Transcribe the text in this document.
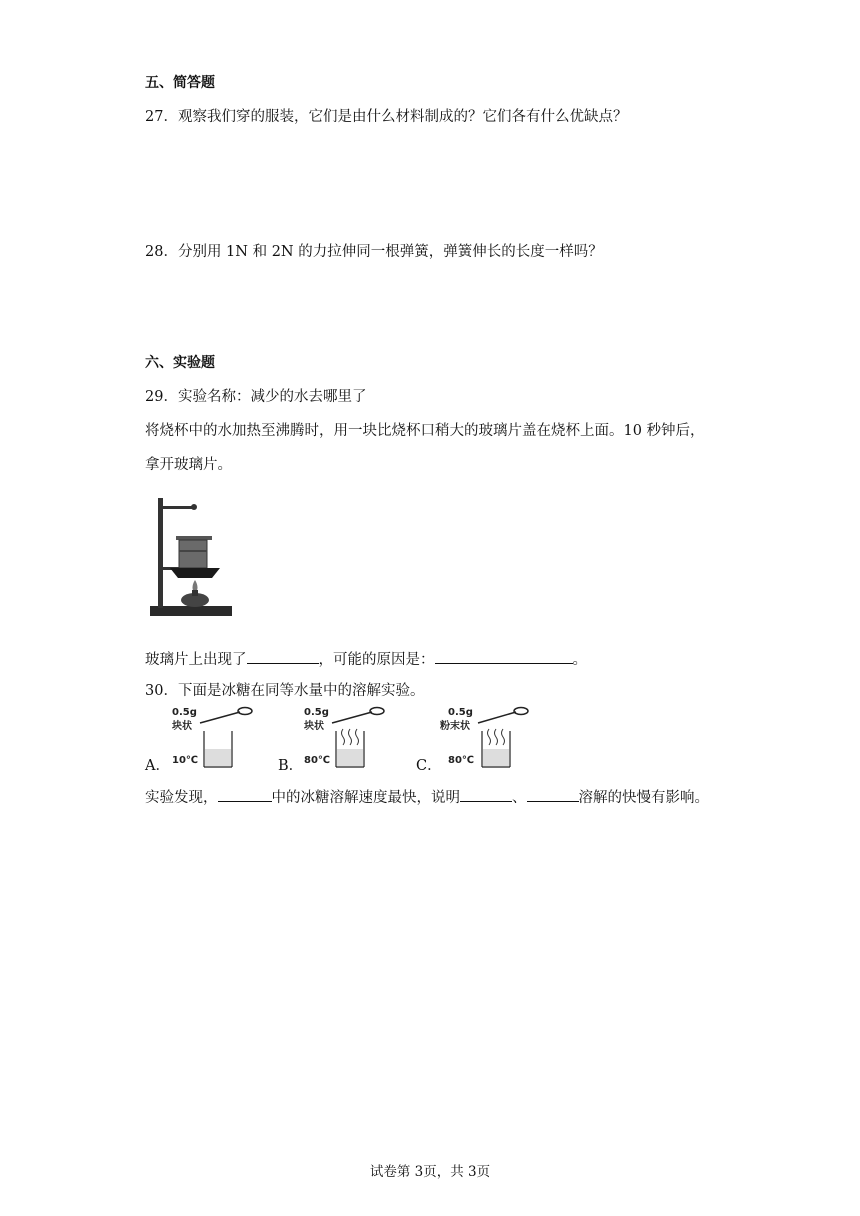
五、简答题
27．观察我们穿的服装，它们是由什么材料制成的？它们各有什么优缺点？
28．分别用 1N 和 2N 的力拉伸同一根弹簧，弹簧伸长的长度一样吗？
六、实验题
29．实验名称：减少的水去哪里了
将烧杯中的水加热至沸腾时，用一块比烧杯口稍大的玻璃片盖在烧杯上面。10 秒钟后，
拿开玻璃片。
玻璃片上出现了	，可能的原因是：	。
30．下面是冰糖在同等水量中的溶解实验。
A．
0.5g
块状
10℃	B．
0.5g
块状
80℃	C．
0.5g
粉末状
80℃
实验发现，	中的冰糖溶解速度最快，说明	、	溶解的快慢有影响。
试卷第 3页，共 3页
